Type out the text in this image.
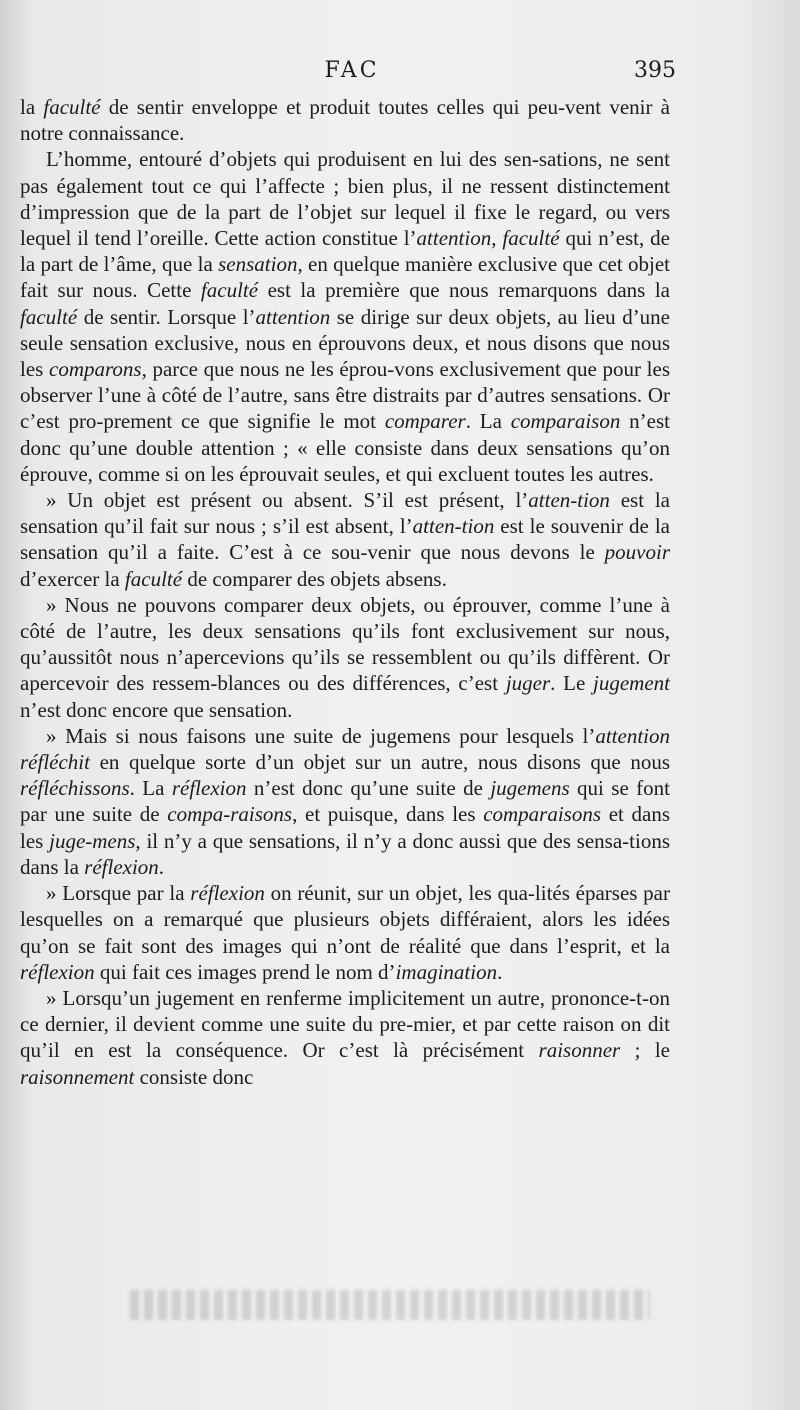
FAC	395

la faculté de sentir enveloppe et produit toutes celles qui peu-vent venir à notre connaissance.

L’homme, entouré d’objets qui produisent en lui des sen-sations, ne sent pas également tout ce qui l’affecte ; bien plus, il ne ressent distinctement d’impression que de la part de l’objet sur lequel il fixe le regard, ou vers lequel il tend l’oreille. Cette action constitue l’attention, faculté qui n’est, de la part de l’âme, que la sensation, en quelque manière exclusive que cet objet fait sur nous. Cette faculté est la première que nous remarquons dans la faculté de sentir. Lorsque l’attention se dirige sur deux objets, au lieu d’une seule sensation exclusive, nous en éprouvons deux, et nous disons que nous les comparons, parce que nous ne les éprou-vons exclusivement que pour les observer l’une à côté de l’autre, sans être distraits par d’autres sensations. Or c’est pro-prement ce que signifie le mot comparer. La comparaison n’est donc qu’une double attention ; « elle consiste dans deux sensations qu’on éprouve, comme si on les éprouvait seules, et qui excluent toutes les autres.

» Un objet est présent ou absent. S’il est présent, l’atten-tion est la sensation qu’il fait sur nous ; s’il est absent, l’atten-tion est le souvenir de la sensation qu’il a faite. C’est à ce sou-venir que nous devons le pouvoir d’exercer la faculté de comparer des objets absens.

» Nous ne pouvons comparer deux objets, ou éprouver, comme l’une à côté de l’autre, les deux sensations qu’ils font exclusivement sur nous, qu’aussitôt nous n’apercevions qu’ils se ressemblent ou qu’ils diffèrent. Or apercevoir des ressem-blances ou des différences, c’est juger. Le jugement n’est donc encore que sensation.

» Mais si nous faisons une suite de jugemens pour lesquels l’attention réfléchit en quelque sorte d’un objet sur un autre, nous disons que nous réfléchissons. La réflexion n’est donc qu’une suite de jugemens qui se font par une suite de compa-raisons, et puisque, dans les comparaisons et dans les juge-mens, il n’y a que sensations, il n’y a donc aussi que des sensa-tions dans la réflexion.

» Lorsque par la réflexion on réunit, sur un objet, les qua-lités éparses par lesquelles on a remarqué que plusieurs objets différaient, alors les idées qu’on se fait sont des images qui n’ont de réalité que dans l’esprit, et la réflexion qui fait ces images prend le nom d’imagination.

» Lorsqu’un jugement en renferme implicitement un autre, prononce-t-on ce dernier, il devient comme une suite du pre-mier, et par cette raison on dit qu’il en est la conséquence. Or c’est là précisément raisonner ; le raisonnement consiste donc
